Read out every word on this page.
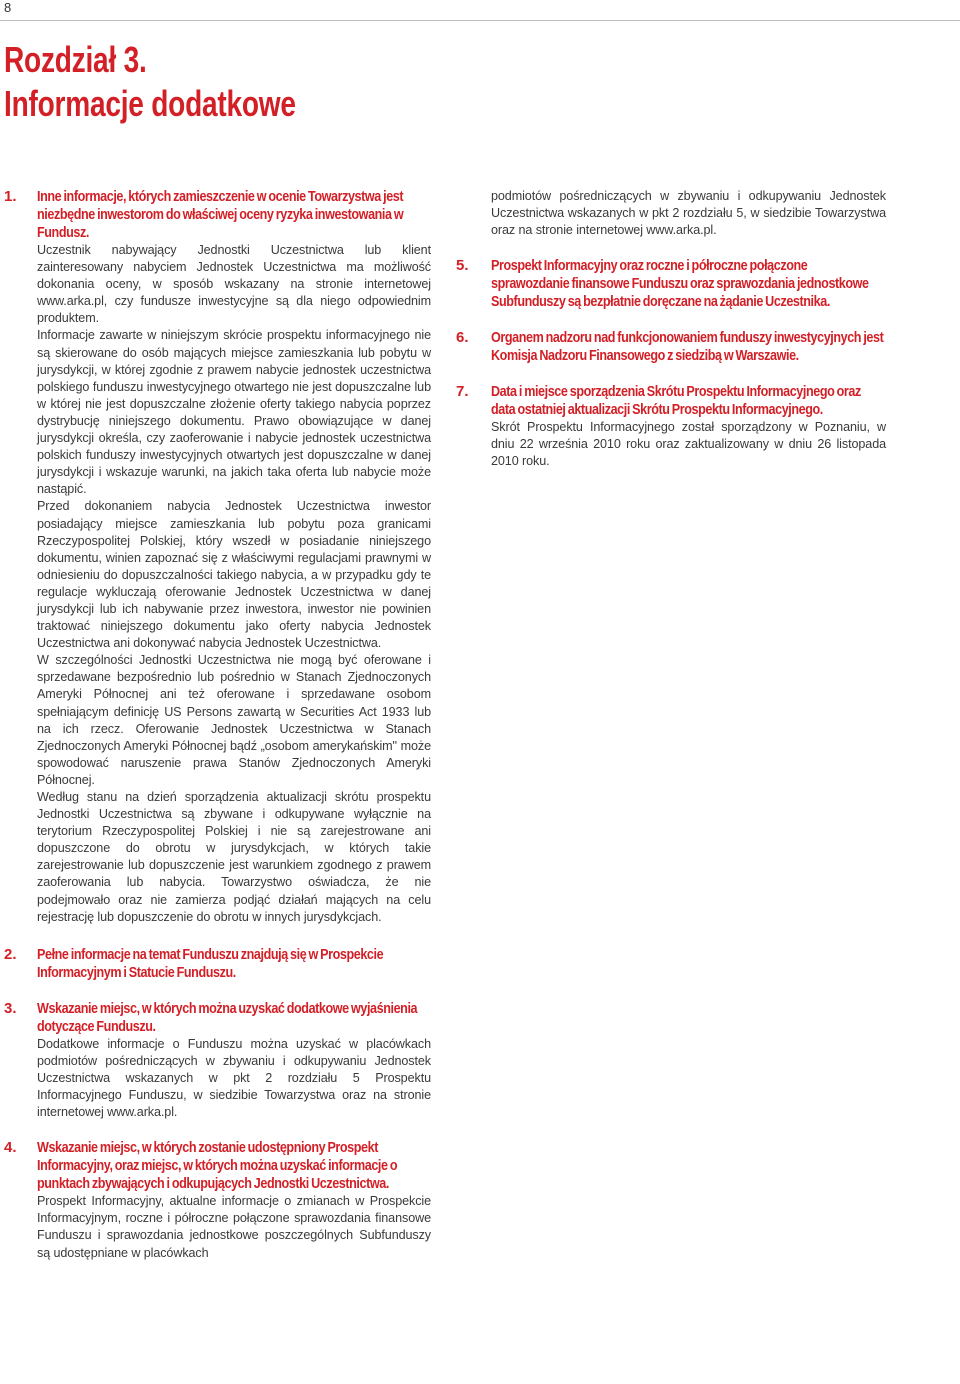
8
Rozdział 3.
Informacje dodatkowe
1. Inne informacje, których zamieszczenie w ocenie Towarzystwa jest niezbędne inwestorom do właściwej oceny ryzyka inwestowania w Fundusz.

Uczestnik nabywający Jednostki Uczestnictwa lub klient zainteresowany nabyciem Jednostek Uczestnictwa ma możliwość dokonania oceny, w sposób wskazany na stronie internetowej www.arka.pl, czy fundusze inwestycyjne są dla niego odpowiednim produktem.

Informacje zawarte w niniejszym skrócie prospektu informacyjnego nie są skierowane do osób mających miejsce zamieszkania lub pobytu w jurysdykcji, w której zgodnie z prawem nabycie jednostek uczestnictwa polskiego funduszu inwestycyjnego otwartego nie jest dopuszczalne lub w której nie jest dopuszczalne złożenie oferty takiego nabycia poprzez dystrybucję niniejszego dokumentu. Prawo obowiązujące w danej jurysdykcji określa, czy zaoferowanie i nabycie jednostek uczestnictwa polskich funduszy inwestycyjnych otwartych jest dopuszczalne w danej jurysdykcji i wskazuje warunki, na jakich taka oferta lub nabycie może nastąpić.

Przed dokonaniem nabycia Jednostek Uczestnictwa inwestor posiadający miejsce zamieszkania lub pobytu poza granicami Rzeczypospolitej Polskiej, który wszedł w posiadanie niniejszego dokumentu, winien zapoznać się z właściwymi regulacjami prawnymi w odniesieniu do dopuszczalności takiego nabycia, a w przypadku gdy te regulacje wykluczają oferowanie Jednostek Uczestnictwa w danej jurysdykcji lub ich nabywanie przez inwestora, inwestor nie powinien traktować niniejszego dokumentu jako oferty nabycia Jednostek Uczestnictwa ani dokonywać nabycia Jednostek Uczestnictwa.

W szczególności Jednostki Uczestnictwa nie mogą być oferowane i sprzedawane bezpośrednio lub pośrednio w Stanach Zjednoczonych Ameryki Północnej ani też oferowane i sprzedawane osobom spełniającym definicję US Persons zawartą w Securities Act 1933 lub na ich rzecz. Oferowanie Jednostek Uczestnictwa w Stanach Zjednoczonych Ameryki Północnej bądź „osobom amerykańskim" może spowodować naruszenie prawa Stanów Zjednoczonych Ameryki Północnej.

Według stanu na dzień sporządzenia aktualizacji skrótu prospektu Jednostki Uczestnictwa są zbywane i odkupywane wyłącznie na terytorium Rzeczypospolitej Polskiej i nie są zarejestrowane ani dopuszczone do obrotu w jurysdykcjach, w których takie zarejestrowanie lub dopuszczenie jest warunkiem zgodnego z prawem zaoferowania lub nabycia. Towarzystwo oświadcza, że nie podejmowało oraz nie zamierza podjąć działań mających na celu rejestrację lub dopuszczenie do obrotu w innych jurysdykcjach.

2. Pełne informacje na temat Funduszu znajdują się w Prospekcie Informacyjnym i Statucie Funduszu.

3. Wskazanie miejsc, w których można uzyskać dodatkowe wyjaśnienia dotyczące Funduszu.

Dodatkowe informacje o Funduszu można uzyskać w placówkach podmiotów pośredniczących w zbywaniu i odkupywaniu Jednostek Uczestnictwa wskazanych w pkt 2 rozdziału 5 Prospektu Informacyjnego Funduszu, w siedzibie Towarzystwa oraz na stronie internetowej www.arka.pl.

4. Wskazanie miejsc, w których zostanie udostępniony Prospekt Informacyjny, oraz miejsc, w których można uzyskać informacje o punktach zbywających i odkupujących Jednostki Uczestnictwa.

Prospekt Informacyjny, aktualne informacje o zmianach w Prospekcie Informacyjnym, roczne i półroczne połączone sprawozdania finansowe Funduszu i sprawozdania jednostkowe poszczególnych Subfunduszy są udostępniane w placówkach

podmiotów pośredniczących w zbywaniu i odkupywaniu Jednostek Uczestnictwa wskazanych w pkt 2 rozdziału 5, w siedzibie Towarzystwa oraz na stronie internetowej www.arka.pl.

5. Prospekt Informacyjny oraz roczne i półroczne połączone sprawozdanie finansowe Funduszu oraz sprawozdania jednostkowe Subfunduszy są bezpłatnie doręczane na żądanie Uczestnika.

6. Organem nadzoru nad funkcjonowaniem funduszy inwestycyjnych jest Komisja Nadzoru Finansowego z siedzibą w Warszawie.

7. Data i miejsce sporządzenia Skrótu Prospektu Informacyjnego oraz data ostatniej aktualizacji Skrótu Prospektu Informacyjnego.

Skrót Prospektu Informacyjnego został sporządzony w Poznaniu, w dniu 22 września 2010 roku oraz zaktualizowany w dniu 26 listopada 2010 roku.
